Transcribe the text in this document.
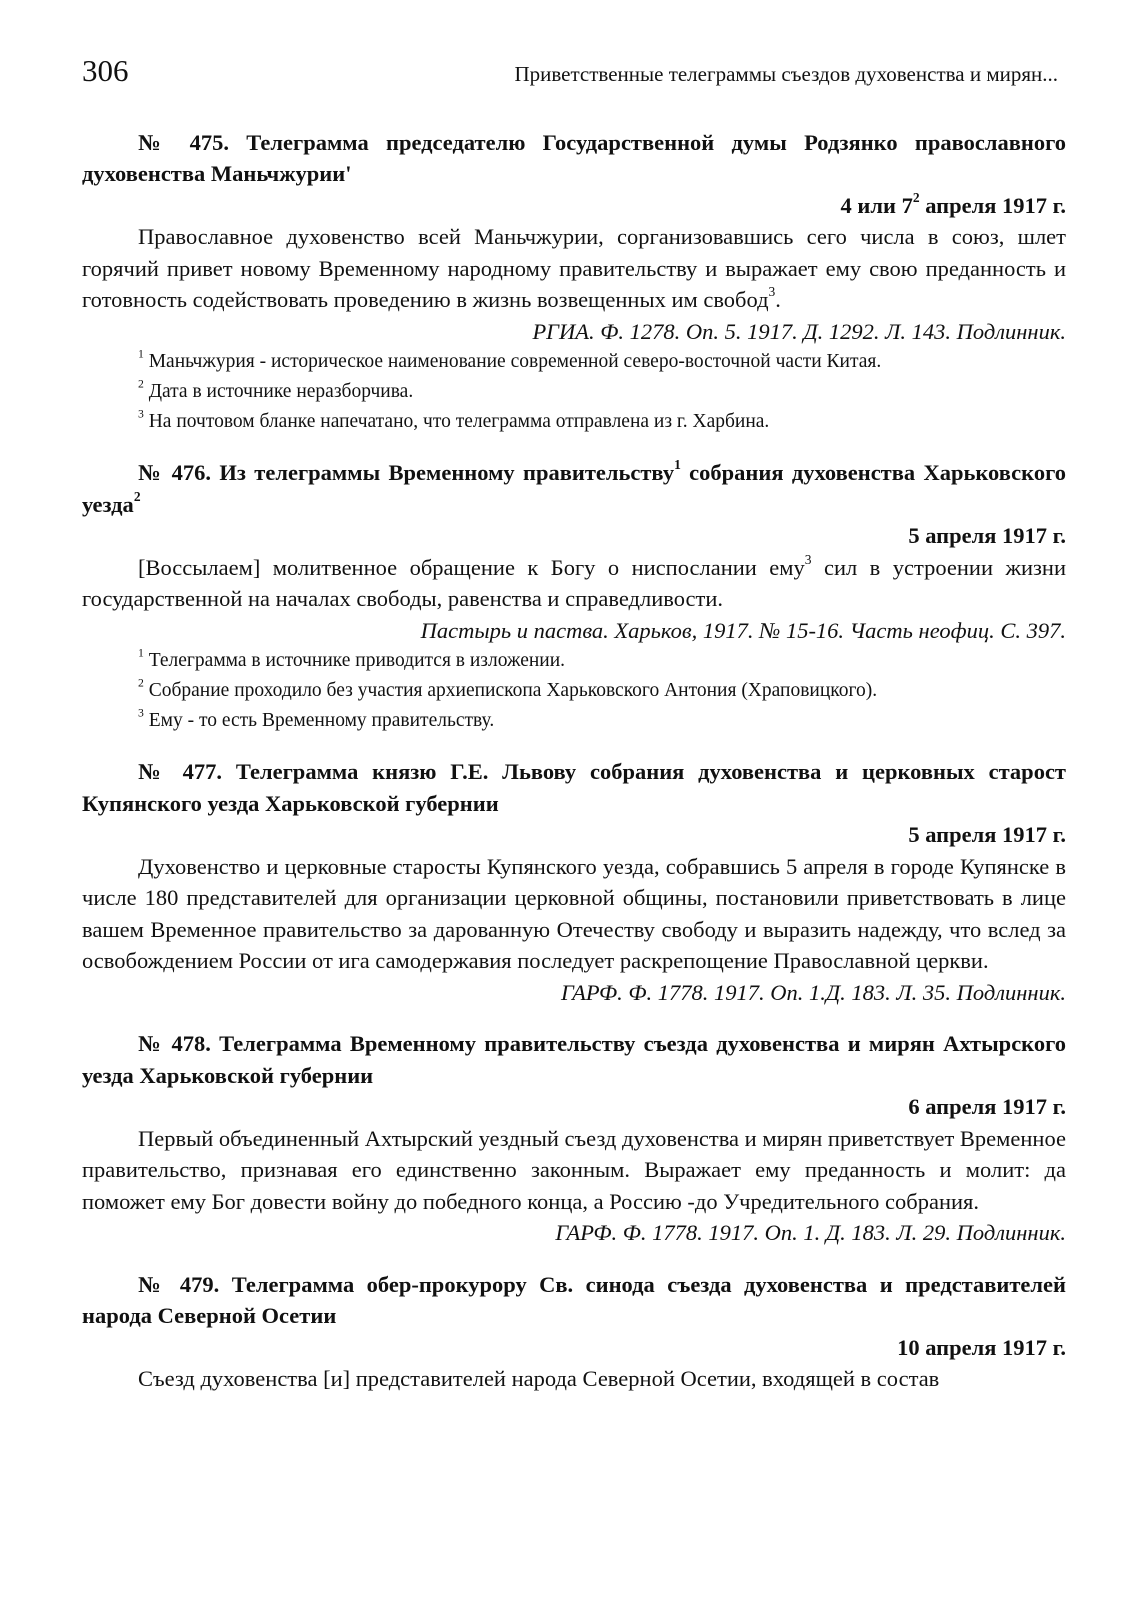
306	Приветственные телеграммы съездов духовенства и мирян...

№ 475. Телеграмма председателю Государственной думы Родзянко православного духовенства Маньчжурии'

4 или $7^2$ апреля 1917 г.

Православное духовенство всей Маньчжурии, сорганизовавшись сего числа в союз, шлет горячий привет новому Временному народному правительству и выражает ему свою преданность и готовность содействовать проведению в жизнь возвещенных им свобод$^3$.

РГИА. Ф. 1278. Оп. 5. 1917. Д. 1292. Л. 143. Подлинник.

$^1$ Маньчжурия - историческое наименование современной северо-восточной части Китая.

$^2$ Дата в источнике неразборчива.

$^3$ На почтовом бланке напечатано, что телеграмма отправлена из г. Харбина.

№ 476. Из телеграммы Временному правительству$^1$ собрания духовенства Харьковского уезда$^2$

5 апреля 1917 г.

[Воссылаем] молитвенное обращение к Богу о ниспослании ему$^3$ сил в устроении жизни государственной на началах свободы, равенства и справедливости.

Пастырь и паства. Харьков, 1917. № 15-16. Часть неофиц. С. 397.

$^1$ Телеграмма в источнике приводится в изложении.

$^2$ Собрание проходило без участия архиепископа Харьковского Антония (Храповицкого).

$^3$ Ему - то есть Временному правительству.

№ 477. Телеграмма князю Г.Е. Львову собрания духовенства и церковных старост Купянского уезда Харьковской губернии

5 апреля 1917 г.

Духовенство и церковные старосты Купянского уезда, собравшись 5 апреля в городе Купянске в числе 180 представителей для организации церковной общины, постановили приветствовать в лице вашем Временное правительство за дарованную Отечеству свободу и выразить надежду, что вслед за освобождением России от ига самодержавия последует раскрепощение Православной церкви.

ГАРФ. Ф. 1778. 1917. Оп. 1.Д. 183. Л. 35. Подлинник.

№ 478. Телеграмма Временному правительству съезда духовенства и мирян Ахтырского уезда Харьковской губернии

6 апреля 1917 г.

Первый объединенный Ахтырский уездный съезд духовенства и мирян приветствует Временное правительство, признавая его единственно законным. Выражает ему преданность и молит: да поможет ему Бог довести войну до победного конца, а Россию -до Учредительного собрания.

ГАРФ. Ф. 1778. 1917. Оп. 1. Д. 183. Л. 29. Подлинник.

№ 479. Телеграмма обер-прокурору Св. синода съезда духовенства и представителей народа Северной Осетии

10 апреля 1917 г.

Съезд духовенства [и] представителей народа Северной Осетии, входящей в состав
